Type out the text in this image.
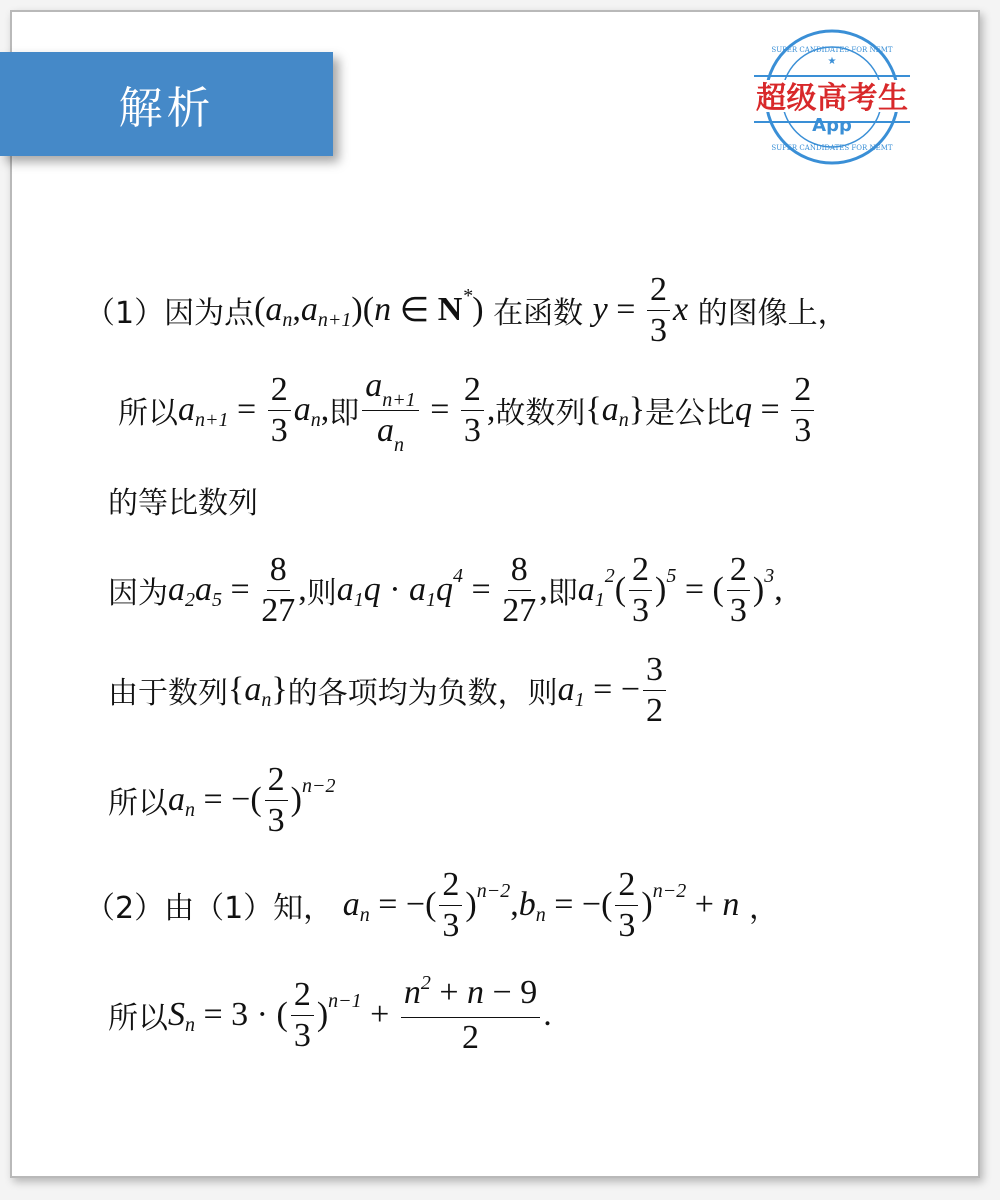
解析
★
SUPER CANDIDATES FOR NEMT
SUPER CANDIDATES FOR NEMT
超级高考生
App
（1）因为点 ( a n , a n+1 )( n ∈ N * ) 在函数 $y = \frac{2}{3}$ x 的图像上，
所以 a $n+1 = \frac{2}{3}$ a n , 即 $\frac{\text{a n+1}}{\text{a n}} = \frac{2}{3}$ , 故数列 { a n } 是公比 $q = \frac{2}{3}$
的等比数列
因为 a 2 a $5 = \frac{8}{27}$ , 则 a 1 q · a 1 q $4 = \frac{8}{27}$ , 即 a 1
2 ( $\frac{2}{3}$ ) 5 = ( $\frac{2}{3}$ ) 3 ,
由于数列 { a n } 的各项均为负数，则 a 1 = − $\frac{3}{2}$
所以 a n = −( $\frac{2}{3}$ ) n−2
（2）由（1）知， a n = −( $\frac{2}{3}$ ) n−2 , b n = −( $\frac{2}{3}$ ) n−2 + n ，
所以 S n = 3 · ( $\frac{2}{3}$ ) $n-1 + \frac{n 2 + n - 9}{2}$ .
